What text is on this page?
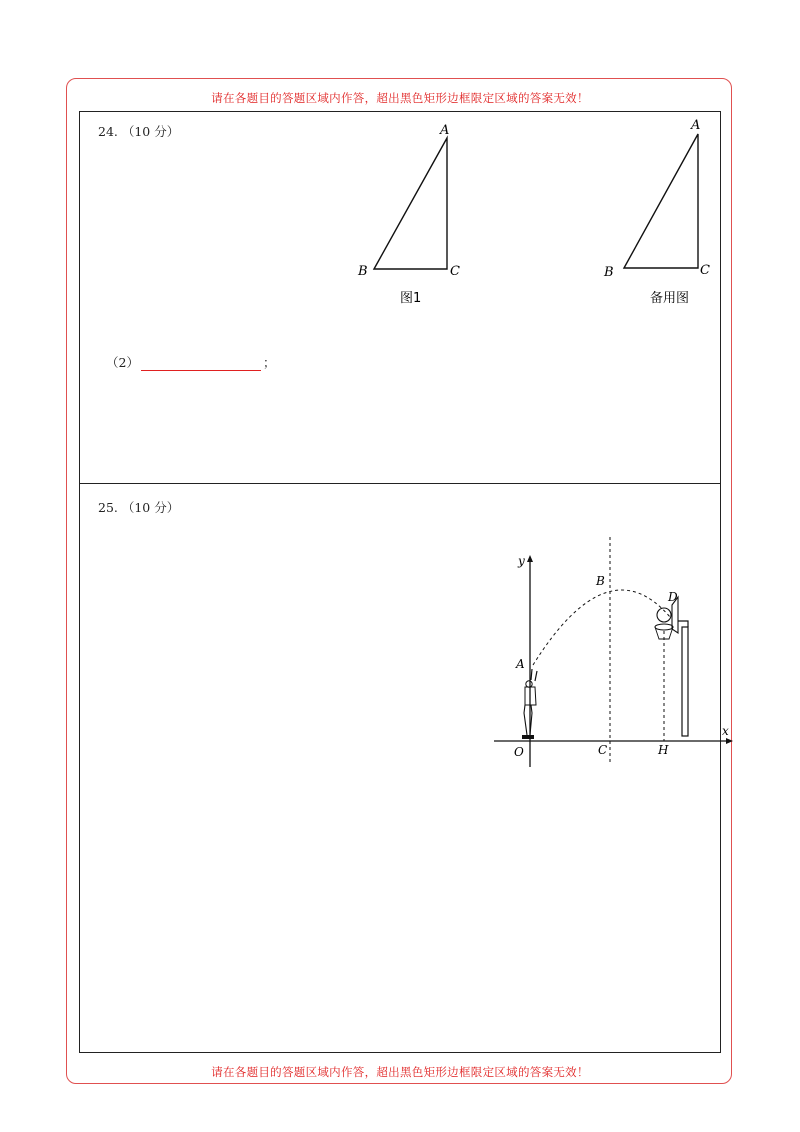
请在各题目的答题区域内作答，超出黑色矩形边框限定区域的答案无效！
24. （10 分）	A
B	C
图1
A
B	C
备用图
（2）	；
25. （10 分）
x
y
O
A
B
C
D
H
请在各题目的答题区域内作答，超出黑色矩形边框限定区域的答案无效！
